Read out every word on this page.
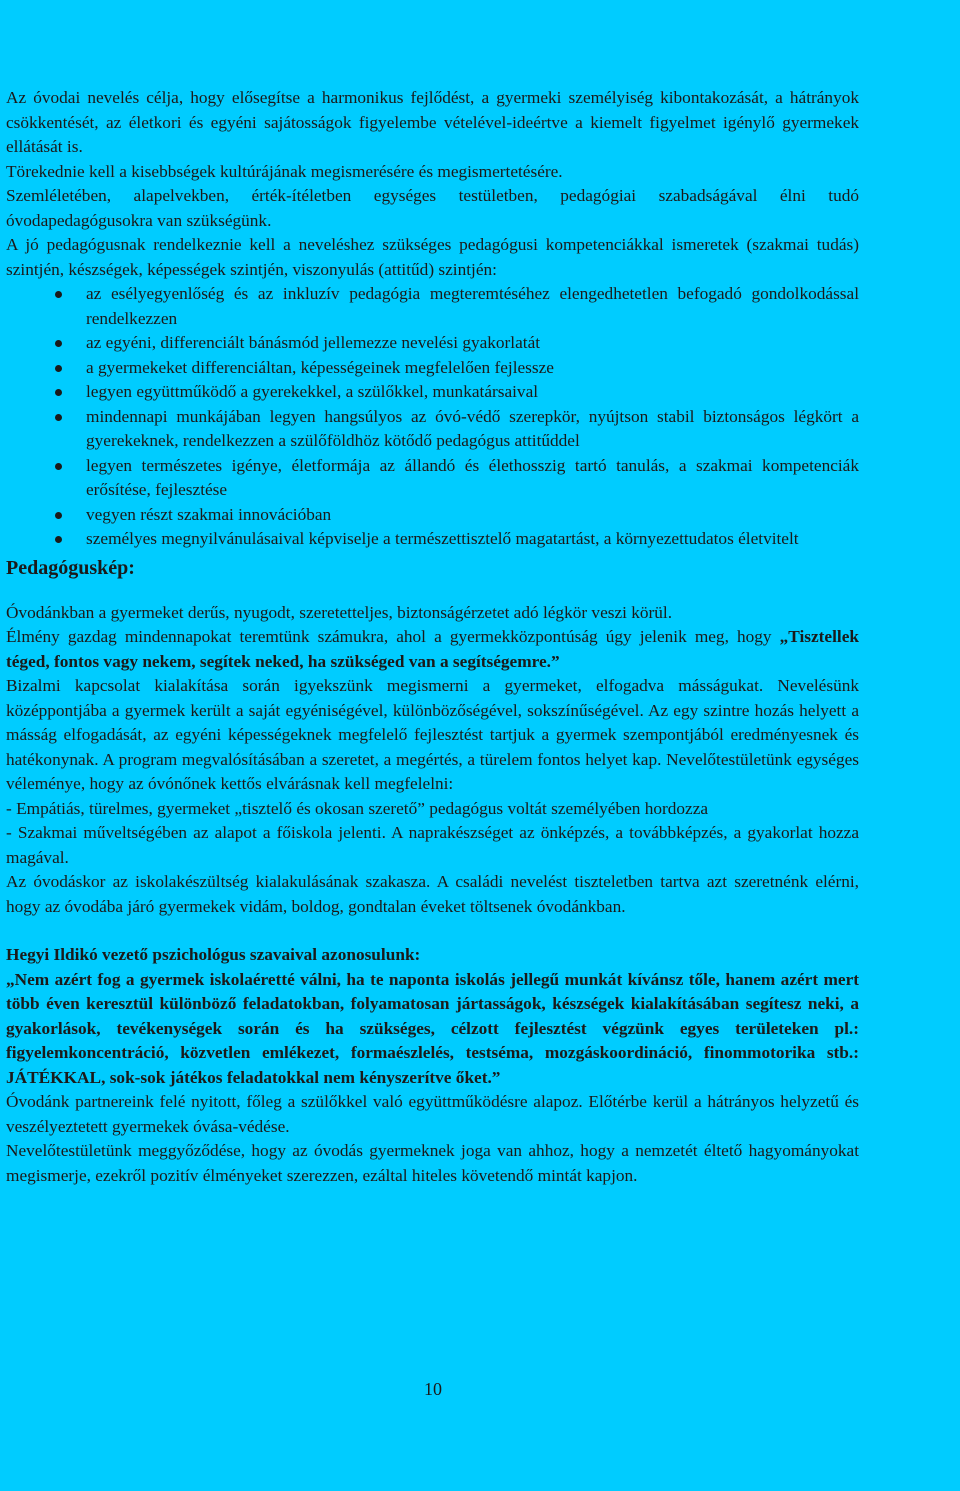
Az óvodai nevelés célja, hogy elősegítse a harmonikus fejlődést, a gyermeki személyiség kibontakozását, a hátrányok csökkentését, az életkori és egyéni sajátosságok figyelembe vételével-ideértve a kiemelt figyelmet igénylő gyermekek ellátását is.

Törekednie kell a kisebbségek kultúrájának megismerésére és megismertetésére.

Szemléletében, alapelvekben, érték-ítéletben egységes testületben, pedagógiai szabadságával élni tudó óvodapedagógusokra van szükségünk.

A jó pedagógusnak rendelkeznie kell a neveléshez szükséges pedagógusi kompetenciákkal ismeretek (szakmai tudás) szintjén, készségek, képességek szintjén, viszonyulás (attitűd) szintjén:

az esélyegyenlőség és az inkluzív pedagógia megteremtéséhez elengedhetetlen befogadó gondolkodással rendelkezzen
az egyéni, differenciált bánásmód jellemezze nevelési gyakorlatát
a gyermekeket differenciáltan, képességeinek megfelelően fejlessze
legyen együttműködő a gyerekekkel, a szülőkkel, munkatársaival
mindennapi munkájában legyen hangsúlyos az óvó-védő szerepkör, nyújtson stabil biztonságos légkört a gyerekeknek, rendelkezzen a szülőföldhöz kötődő pedagógus attitűddel
legyen természetes igénye, életformája az állandó és élethosszig tartó tanulás, a szakmai kompetenciák erősítése, fejlesztése
vegyen részt szakmai innovációban
személyes megnyilvánulásaival képviselje a természettisztelő magatartást, a környezettudatos életvitelt
Pedagóguskép:

Óvodánkban a gyermeket derűs, nyugodt, szeretetteljes, biztonságérzetet adó légkör veszi körül.

Élmény gazdag mindennapokat teremtünk számukra, ahol a gyermekközpontúság úgy jelenik meg, hogy „Tisztellek téged, fontos vagy nekem, segítek neked, ha szükséged van a segítségemre.”

Bizalmi kapcsolat kialakítása során igyekszünk megismerni a gyermeket, elfogadva másságukat. Nevelésünk középpontjába a gyermek került a saját egyéniségével, különbözőségével, sokszínűségével. Az egy szintre hozás helyett a másság elfogadását, az egyéni képességeknek megfelelő fejlesztést tartjuk a gyermek szempontjából eredményesnek és hatékonynak. A program megvalósításában a szeretet, a megértés, a türelem fontos helyet kap. Nevelőtestületünk egységes véleménye, hogy az óvónőnek kettős elvárásnak kell megfelelni:

- Empátiás, türelmes, gyermeket „tisztelő és okosan szerető” pedagógus voltát személyében hordozza

- Szakmai műveltségében az alapot a főiskola jelenti. A naprakészséget az önképzés, a továbbképzés, a gyakorlat hozza magával.

Az óvodáskor az iskolakészültség kialakulásának szakasza. A családi nevelést tiszteletben tartva azt szeretnénk elérni, hogy az óvodába járó gyermekek vidám, boldog, gondtalan éveket töltsenek óvodánkban.

Hegyi Ildikó vezető pszichológus szavaival azonosulunk:

„Nem azért fog a gyermek iskolaéretté válni, ha te naponta iskolás jellegű munkát kívánsz tőle, hanem azért mert több éven keresztül különböző feladatokban, folyamatosan jártasságok, készségek kialakításában segítesz neki, a gyakorlások, tevékenységek során és ha szükséges, célzott fejlesztést végzünk egyes területeken pl.: figyelemkoncentráció, közvetlen emlékezet, formaészlelés, testséma, mozgáskoordináció, finommotorika stb.: JÁTÉKKAL, sok-sok játékos feladatokkal nem kényszerítve őket.”

Óvodánk partnereink felé nyitott, főleg a szülőkkel való együttműködésre alapoz. Előtérbe kerül a hátrányos helyzetű és veszélyeztetett gyermekek óvása-védése.

Nevelőtestületünk meggyőződése, hogy az óvodás gyermeknek joga van ahhoz, hogy a nemzetét éltető hagyományokat megismerje, ezekről pozitív élményeket szerezzen, ezáltal hiteles követendő mintát kapjon.

10
